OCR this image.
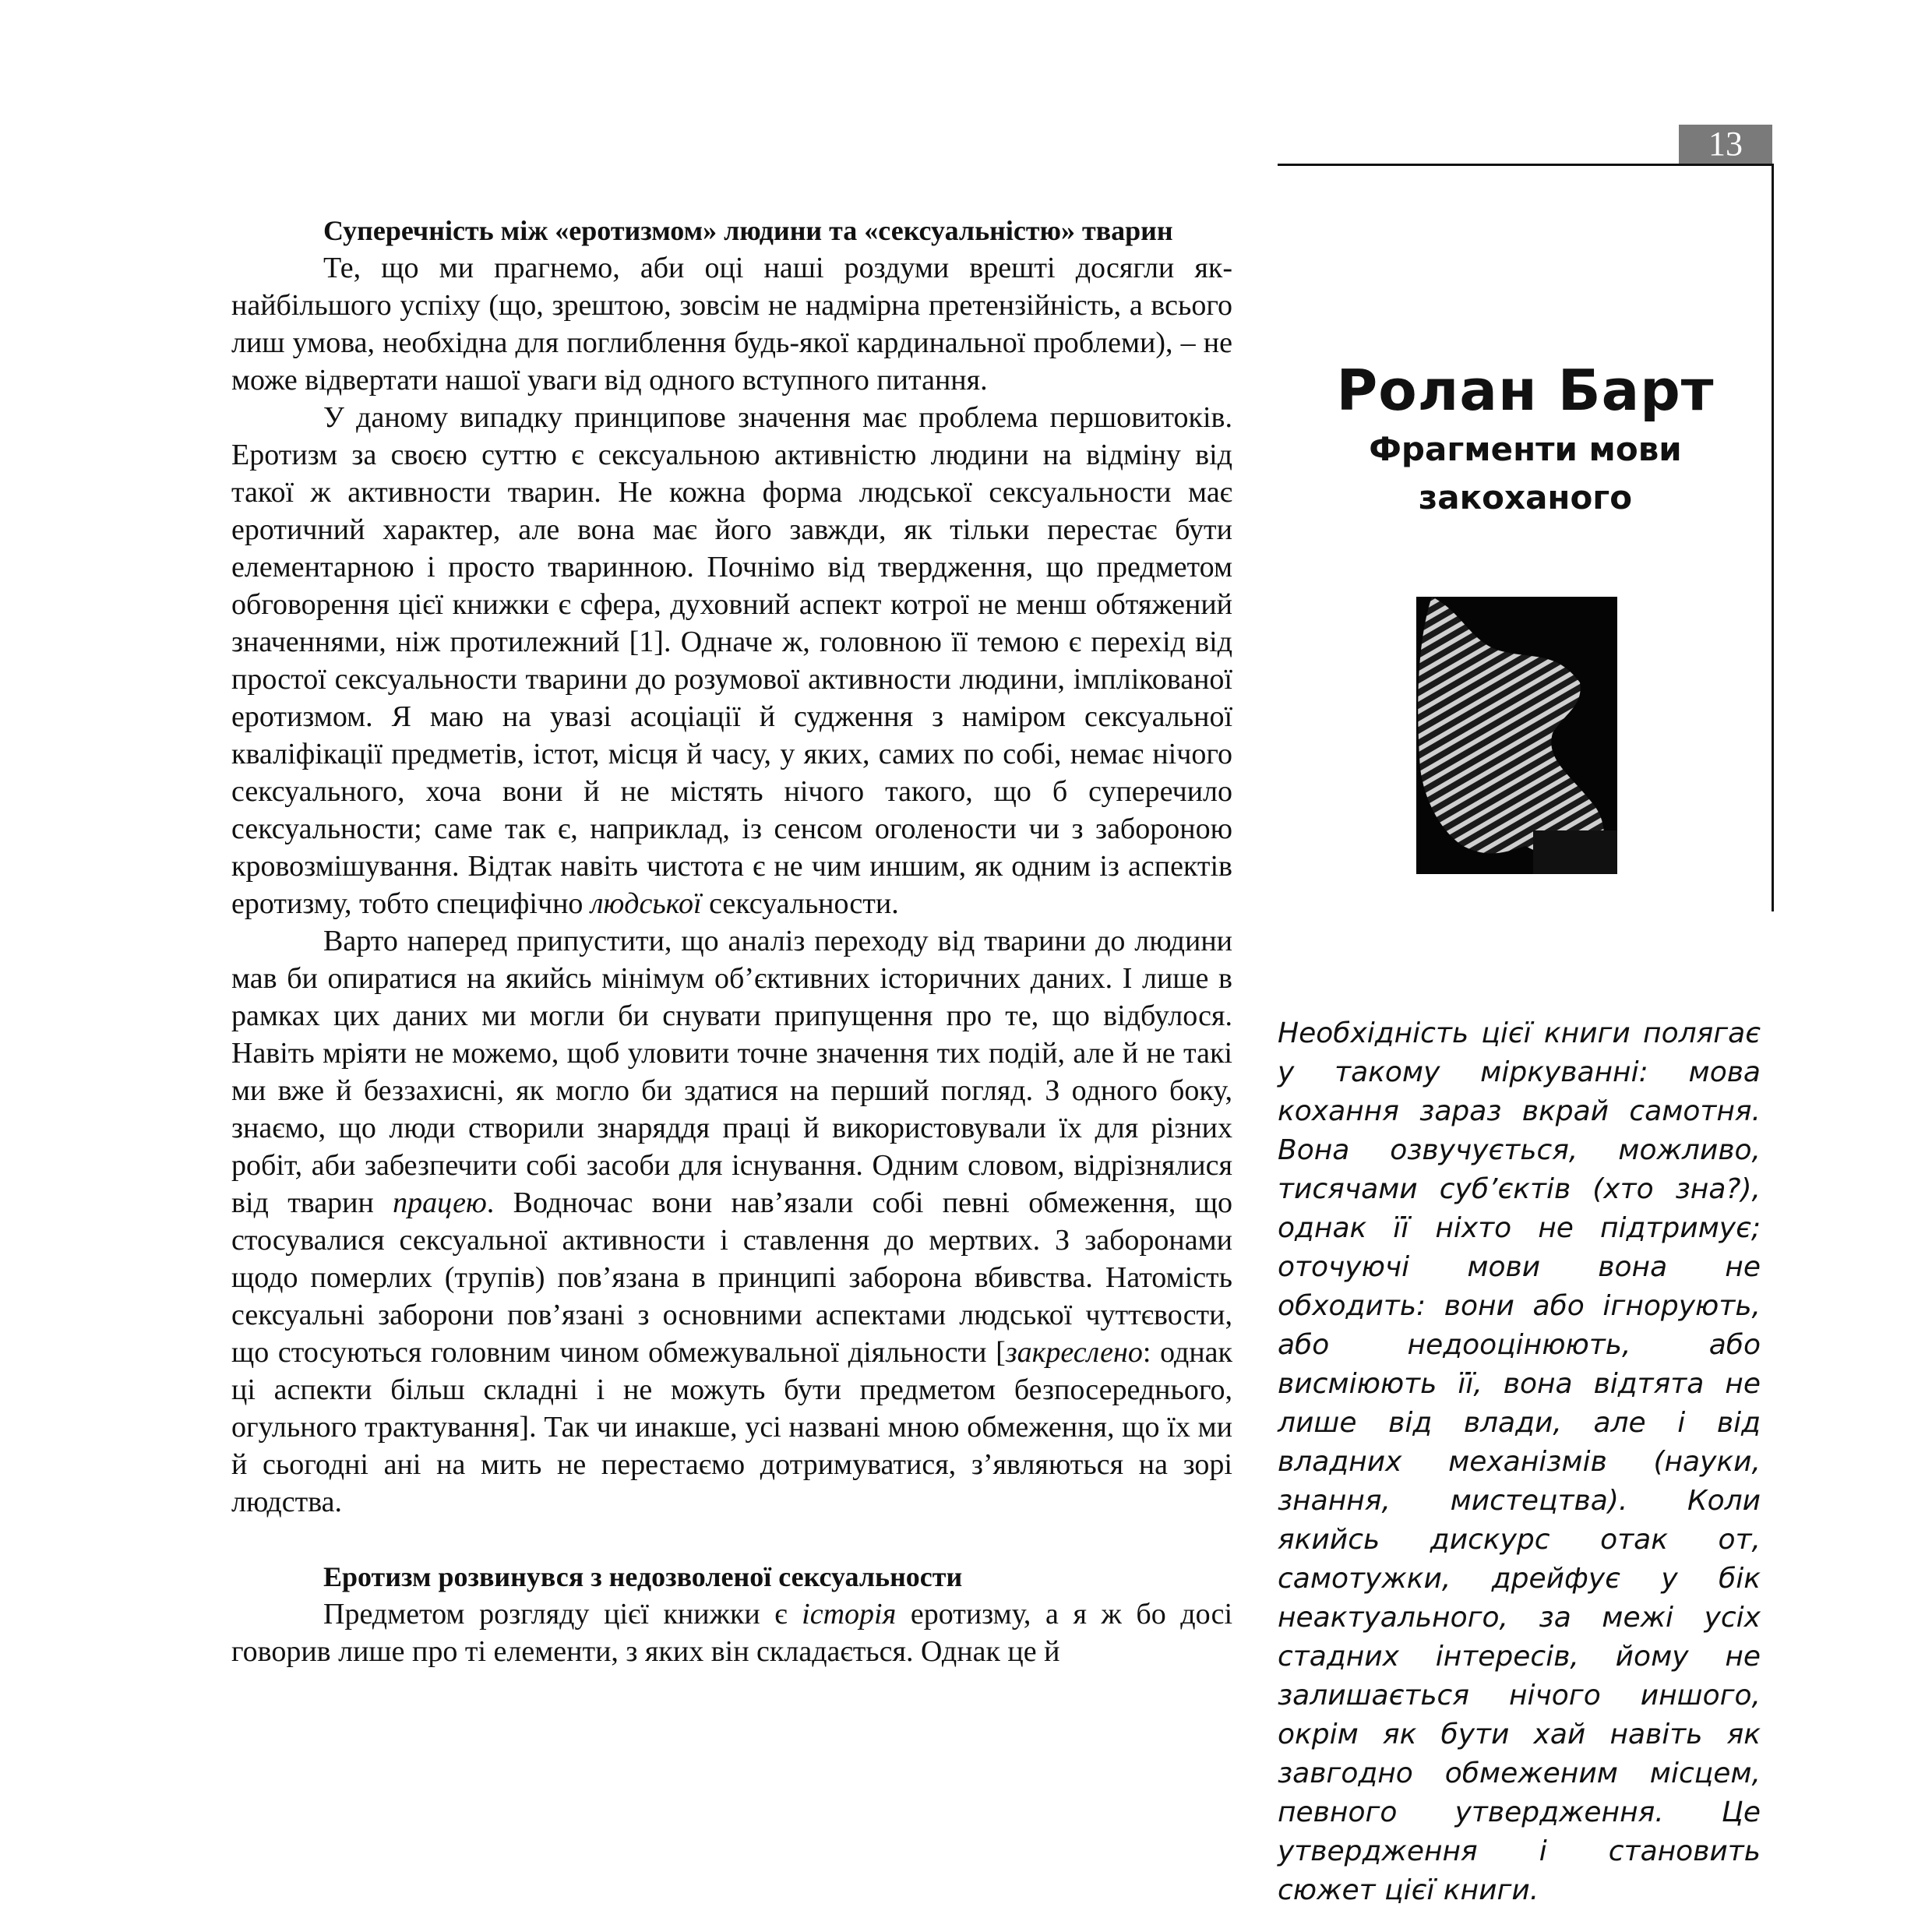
13
Суперечність між «еротизмом» людини та «сексуальністю» тварин

Те, що ми прагнемо, аби оці наші роздуми врешті досягли як-найбільшого успіху (що, зрештою, зовсім не надмірна претензійність, а всього лиш умова, необхідна для поглиблення будь-якої кардинальної проблеми), – не може відвертати нашої уваги від одного вступного питання.

У даному випадку принципове значення має проблема першовитоків. Еротизм за своєю суттю є сексуальною активністю людини на відміну від такої ж активности тварин. Не кожна форма людської сексуальности має еротичний характер, але вона має його завжди, як тільки перестає бути елементарною і просто тваринною. Почнімо від твердження, що предметом обговорення цієї книжки є сфера, духовний аспект котрої не менш обтяжений значеннями, ніж протилежний [1]. Одначе ж, головною її темою є перехід від простої сексуальности тварини до розумової активности людини, імплікованої еротизмом. Я маю на увазі асоціації й судження з наміром сексуальної кваліфікації предметів, істот, місця й часу, у яких, самих по собі, немає нічого сексуального, хоча вони й не містять нічого такого, що б суперечило сексуальности; саме так є, наприклад, із сенсом оголености чи з забороною кровозмішування. Відтак навіть чистота є не чим иншим, як одним із аспектів еротизму, тобто специфічно людської сексуальности.

Варто наперед припустити, що аналіз переходу від тварини до людини мав би опиратися на якийсь мінімум об’єктивних історичних даних. І лише в рамках цих даних ми могли би снувати припущення про те, що відбулося. Навіть мріяти не можемо, щоб уловити точне значення тих подій, але й не такі ми вже й беззахисні, як могло би здатися на перший погляд. З одного боку, знаємо, що люди створили знаряддя праці й використовували їх для різних робіт, аби забезпечити собі засоби для існування. Одним словом, відрізнялися від тварин працею. Водночас вони нав’язали собі певні обмеження, що стосувалися сексуальної активности і ставлення до мертвих. З заборонами щодо померлих (трупів) пов’язана в принципі заборона вбивства. Натомість сексуальні заборони пов’язані з основними аспектами людської чуттєвости, що стосуються головним чином обмежувальної діяльности [закреслено: однак ці аспекти більш складні і не можуть бути предметом безпосереднього, огульного трактування]. Так чи инакше, усі названі мною обмеження, що їх ми й сьогодні ані на мить не перестаємо дотримуватися, з’являються на зорі людства.

Еротизм розвинувся з недозволеної сексуальности

Предметом розгляду цієї книжки є історія еротизму, а я ж бо досі говорив лише про ті елементи, з яких він складається. Однак це й

Ролан Барт
Фрагменти мови
закоханого
Необхідність цієї книги полягає у такому міркуванні: мова кохання зараз вкрай самотня. Вона озвучується, можливо, тисячами суб’єктів (хто зна?), однак її ніхто не підтримує; оточуючі мови вона не обходить: вони або ігнорують, або недооцінюють, або висміюють її, вона відтята не лише від влади, але і від владних механізмів (науки, знання, мистецтва). Коли якийсь дискурс отак от, самотужки, дрейфує у бік неактуального, за межі усіх стадних інтересів, йому не залишається нічого иншого, окрім як бути хай навіть як завгодно обмеженим місцем, певного утвердження. Це утвердження і становить сюжет цієї книги.
